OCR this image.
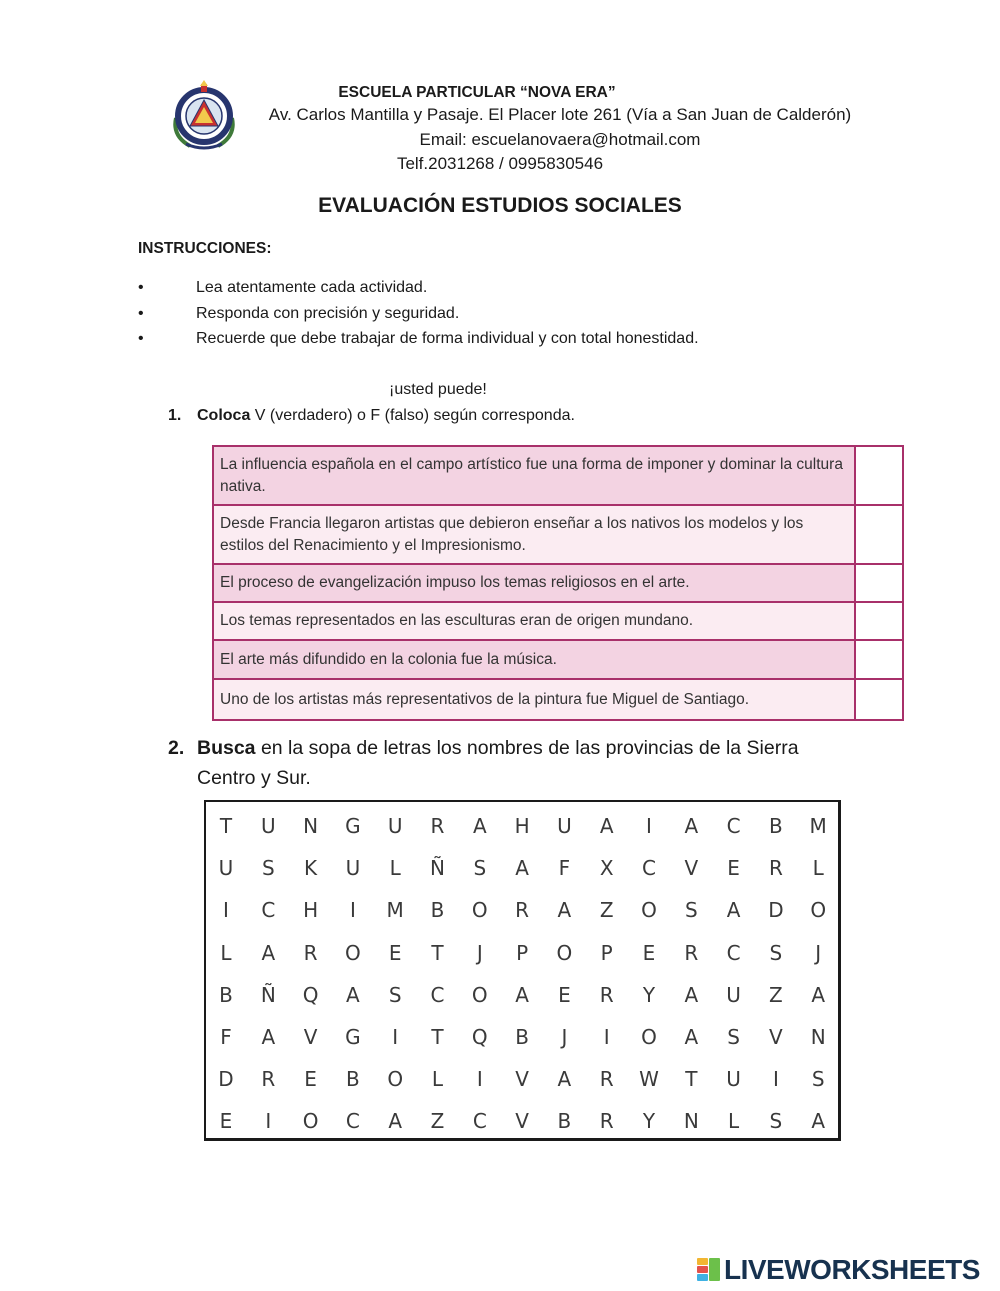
ESCUELA PARTICULAR “NOVA ERA”
Av. Carlos Mantilla y Pasaje. El Placer lote 261 (Vía a San Juan de Calderón)
Email: escuelanovaera@hotmail.com
Telf.2031268 / 0995830546
EVALUACIÓN ESTUDIOS SOCIALES
INSTRUCCIONES:
•	Lea atentamente cada actividad.
•	Responda con precisión y seguridad.
•	Recuerde que debe trabajar de forma individual y con total honestidad.
¡usted puede!
1. Coloca V (verdadero) o F (falso) según corresponda.
La influencia española en el campo artístico fue una forma de imponer y dominar la cultura nativa.	
Desde Francia llegaron artistas que debieron enseñar a los nativos los modelos y los estilos del Renacimiento y el Impresionismo.	
El proceso de evangelización impuso los temas religiosos en el arte.	
Los temas representados en las esculturas eran de origen mundano.	
El arte más difundido en la colonia fue la música.	
Uno de los artistas más representativos de la pintura fue Miguel de Santiago.	
2. Busca en la sopa de letras los nombres de las provincias de la Sierra
Centro y Sur.
T	U	N	G	U	R	A	H	U	A	I	A	C	B	M
U	S	K	U	L	Ñ	S	A	F	X	C	V	E	R	L
I	C	H	I	M	B	O	R	A	Z	O	S	A	D	O
L	A	R	O	E	T	J	P	O	P	E	R	C	S	J
B	Ñ	Q	A	S	C	O	A	E	R	Y	A	U	Z	A
F	A	V	G	I	T	Q	B	J	I	O	A	S	V	N
D	R	E	B	O	L	I	V	A	R	W	T	U	I	S
E	I	O	C	A	Z	C	V	B	R	Y	N	L	S	A
LIVEWORKSHEETS
